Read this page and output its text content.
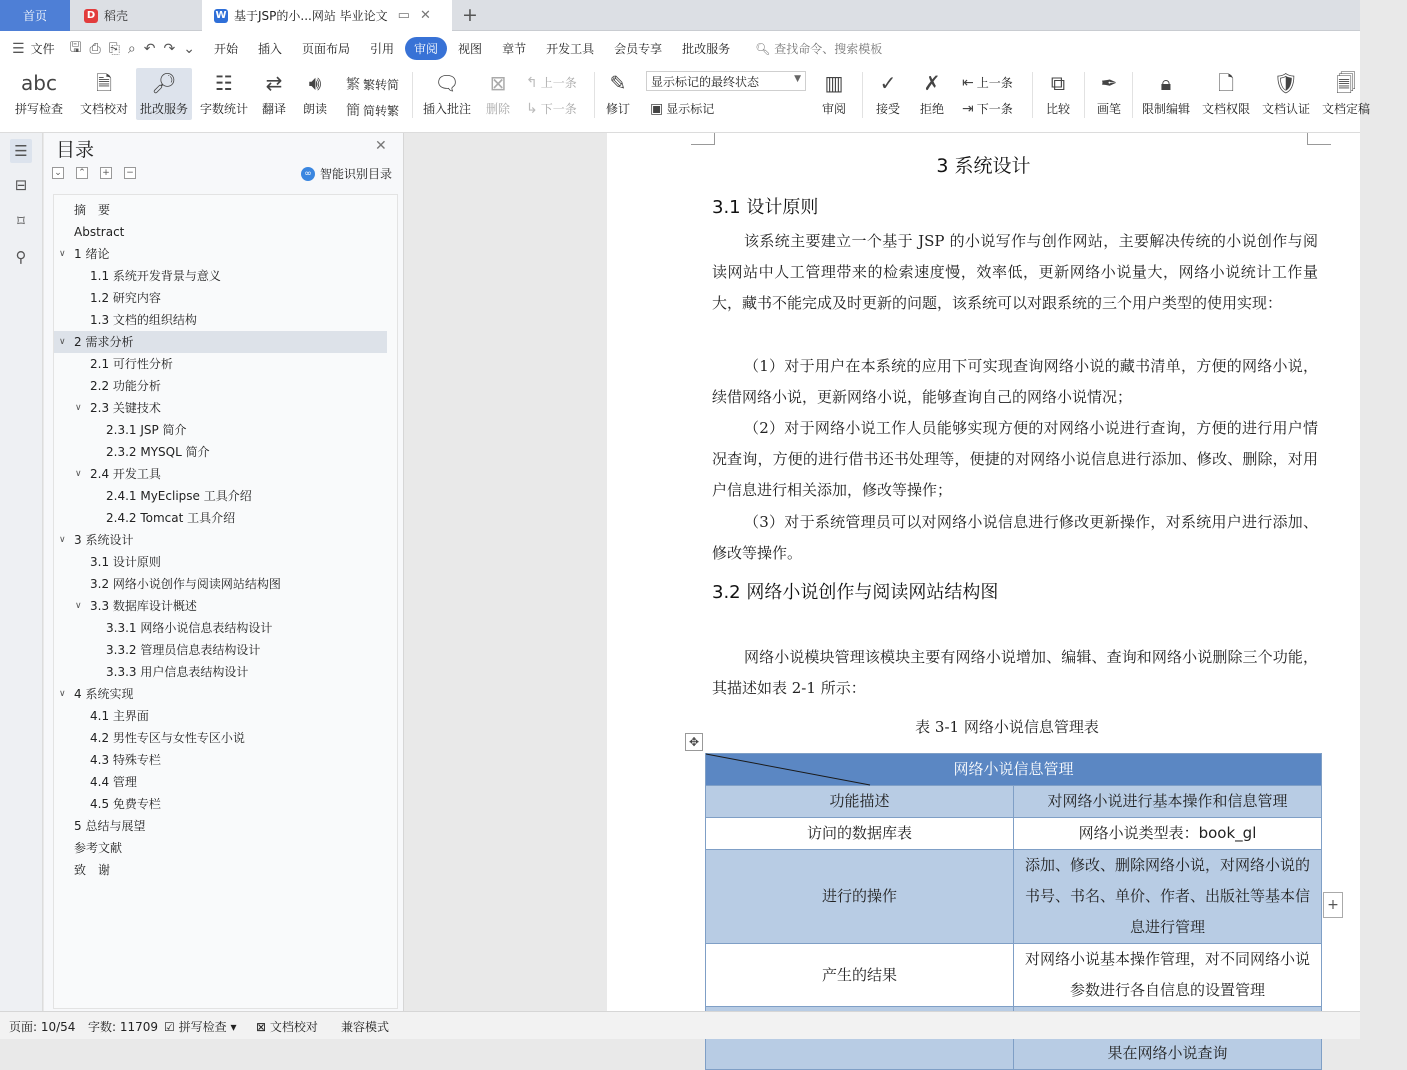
首页	D 稻壳	W 基于JSP的小...网站 毕业论文 ▭ ✕ +
☰ 文件	🖫 ⎙ ⎘ ⌕ ↶ ↷ ⌄	开始	插入	页面布局	引用	审阅	视图	章节	开发工具	会员专享	批改服务	🔍︎ 查找命令、搜索模板
abc
拼写检查
🗎
文档校对
🔎︎
批改服务
☷
字数统计
⇄
翻译
🔊︎
朗读
繁 繁转简
簡 简转繁
🗨︎
插入批注
⊠
删除
↰ 上一条
↳ 下一条
✎
修订
显示标记的最终状态	▼
▣ 显示标记
▥
审阅
✓
接受
✗
拒绝
⇤ 上一条
⇥ 下一条
⧉
比较
✒
画笔
🔒︎
限制编辑
🗋
文档权限
🛡︎
文档认证
🗐
文档定稿
☰
⊟
⌑
⚲
目录	✕
⌄ ⌃ + −	∞ 智能识别目录
摘　要
Abstract
∨ 1 绪论
1.1 系统开发背景与意义
1.2 研究内容
1.3 文档的组织结构
∨ 2 需求分析
2.1 可行性分析
2.2 功能分析
∨ 2.3 关键技术
2.3.1 JSP 简介
2.3.2 MYSQL 简介
∨ 2.4 开发工具
2.4.1 MyEclipse 工具介绍
2.4.2 Tomcat 工具介绍
∨ 3 系统设计
3.1 设计原则
3.2 网络小说创作与阅读网站结构图
∨ 3.3 数据库设计概述
3.3.1 网络小说信息表结构设计
3.3.2 管理员信息表结构设计
3.3.3 用户信息表结构设计
∨ 4 系统实现
4.1 主界面
4.2 男性专区与女性专区小说
4.3 特殊专栏
4.4 管理
4.5 免费专栏
5 总结与展望
参考文献
致　谢
3 系统设计
3.1 设计原则
该系统主要建立一个基于 JSP 的小说写作与创作网站，主要解决传统的小说创作与阅读网站中人工管理带来的检索速度慢，效率低，更新网络小说量大，网络小说统计工作量大，藏书不能完成及时更新的问题，该系统可以对跟系统的三个用户类型的使用实现：
（1）对于用户在本系统的应用下可实现查询网络小说的藏书清单，方便的网络小说，续借网络小说，更新网络小说，能够查询自己的网络小说情况；
（2）对于网络小说工作人员能够实现方便的对网络小说进行查询，方便的进行用户情况查询，方便的进行借书还书处理等，便捷的对网络小说信息进行添加、修改、删除，对用户信息进行相关添加，修改等操作；
（3）对于系统管理员可以对网络小说信息进行修改更新操作，对系统用户进行添加、修改等操作。
3.2 网络小说创作与阅读网站结构图
网络小说模块管理该模块主要有网络小说增加、编辑、查询和网络小说删除三个功能，其描述如表 2-1 所示：
表 3-1 网络小说信息管理表
✥
网络小说信息管理	
功能描述	对网络小说进行基本操作和信息管理
访问的数据库表	网络小说类型表：book_gl
进行的操作	添加、修改、删除网络小说，对网络小说的书号、书名、单价、作者、出版社等基本信息进行管理
产生的结果	对网络小说基本操作管理，对不同网络小说参数进行各自信息的设置管理
	果在网络小说查询
+
页面: 10/54 字数: 11709 ☑ 拼写检查 ▾ ⊠ 文档校对 兼容模式
